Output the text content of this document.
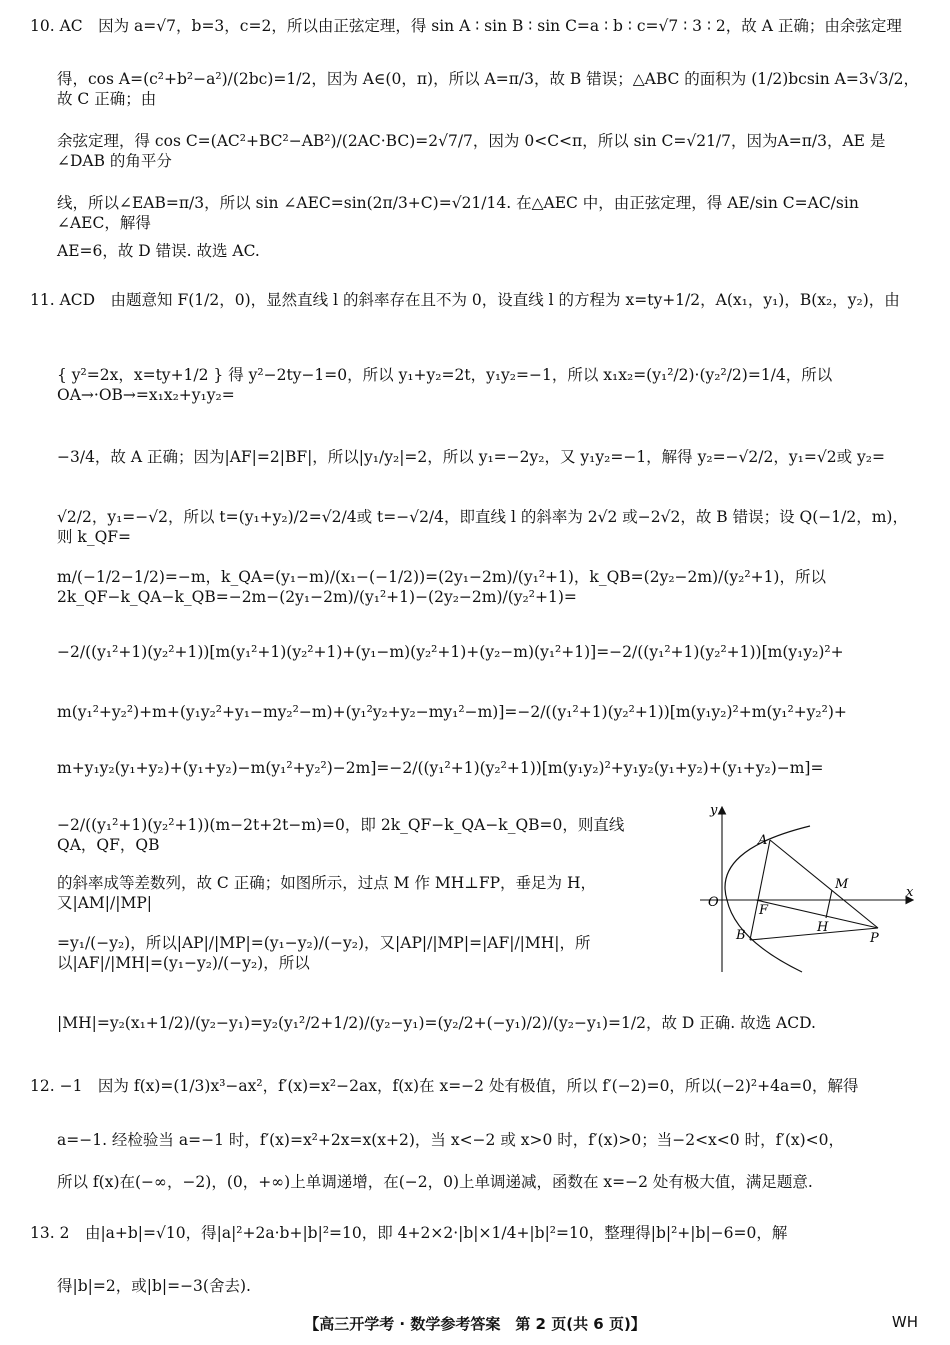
10. AC　因为 a=√7，b=3，c=2，所以由正弦定理，得 sin A ∶ sin B ∶ sin C=a ∶ b ∶ c=√7 ∶ 3 ∶ 2，故 A 正确；由余弦定理

得，cos A=(c²+b²−a²)/(2bc)=1/2，因为 A∈(0，π)，所以 A=π/3，故 B 错误；△ABC 的面积为 (1/2)bcsin A=3√3/2，故 C 正确；由

余弦定理，得 cos C=(AC²+BC²−AB²)/(2AC·BC)=2√7/7，因为 0<C<π，所以 sin C=√21/7，因为A=π/3，AE 是∠DAB 的角平分

线，所以∠EAB=π/3，所以 sin ∠AEC=sin(2π/3+C)=√21/14. 在△AEC 中，由正弦定理，得 AE/sin C=AC/sin ∠AEC，解得

AE=6，故 D 错误. 故选 AC.

11. ACD　由题意知 F(1/2，0)，显然直线 l 的斜率存在且不为 0，设直线 l 的方程为 x=ty+1/2，A(x₁，y₁)，B(x₂，y₂)，由

{ y²=2x，x=ty+1/2 } 得 y²−2ty−1=0，所以 y₁+y₂=2t，y₁y₂=−1，所以 x₁x₂=(y₁²/2)·(y₂²/2)=1/4，所以OA→·OB→=x₁x₂+y₁y₂=

−3/4，故 A 正确；因为|AF|=2|BF|，所以|y₁/y₂|=2，所以 y₁=−2y₂，又 y₁y₂=−1，解得 y₂=−√2/2，y₁=√2或 y₂=

√2/2，y₁=−√2，所以 t=(y₁+y₂)/2=√2/4或 t=−√2/4，即直线 l 的斜率为 2√2 或−2√2，故 B 错误；设 Q(−1/2，m)，则 k_QF=

m/(−1/2−1/2)=−m，k_QA=(y₁−m)/(x₁−(−1/2))=(2y₁−2m)/(y₁²+1)，k_QB=(2y₂−2m)/(y₂²+1)，所以 2k_QF−k_QA−k_QB=−2m−(2y₁−2m)/(y₁²+1)−(2y₂−2m)/(y₂²+1)=

−2/((y₁²+1)(y₂²+1))[m(y₁²+1)(y₂²+1)+(y₁−m)(y₂²+1)+(y₂−m)(y₁²+1)]=−2/((y₁²+1)(y₂²+1))[m(y₁y₂)²+

m(y₁²+y₂²)+m+(y₁y₂²+y₁−my₂²−m)+(y₁²y₂+y₂−my₁²−m)]=−2/((y₁²+1)(y₂²+1))[m(y₁y₂)²+m(y₁²+y₂²)+

m+y₁y₂(y₁+y₂)+(y₁+y₂)−m(y₁²+y₂²)−2m]=−2/((y₁²+1)(y₂²+1))[m(y₁y₂)²+y₁y₂(y₁+y₂)+(y₁+y₂)−m]=

−2/((y₁²+1)(y₂²+1))(m−2t+2t−m)=0，即 2k_QF−k_QA−k_QB=0，则直线 QA，QF，QB

的斜率成等差数列，故 C 正确；如图所示，过点 M 作 MH⊥FP，垂足为 H，又|AM|/|MP|

=y₁/(−y₂)，所以|AP|/|MP|=(y₁−y₂)/(−y₂)，又|AP|/|MP|=|AF|/|MH|，所以|AF|/|MH|=(y₁−y₂)/(−y₂)，所以

|MH|=y₂(x₁+1/2)/(y₂−y₁)=y₂(y₁²/2+1/2)/(y₂−y₁)=(y₂/2+(−y₁)/2)/(y₂−y₁)=1/2，故 D 正确. 故选 ACD.

y
x
O
A
B
F
M
H
P

12. −1　因为 f(x)=(1/3)x³−ax²，f′(x)=x²−2ax，f(x)在 x=−2 处有极值，所以 f′(−2)=0，所以(−2)²+4a=0，解得

a=−1. 经检验当 a=−1 时，f′(x)=x²+2x=x(x+2)，当 x<−2 或 x>0 时，f′(x)>0；当−2<x<0 时，f′(x)<0，

所以 f(x)在(−∞，−2)，(0，+∞)上单调递增，在(−2，0)上单调递减，函数在 x=−2 处有极大值，满足题意.

13. 2　由|a+b|=√10，得|a|²+2a·b+|b|²=10，即 4+2×2·|b|×1/4+|b|²=10，整理得|b|²+|b|−6=0，解

得|b|=2，或|b|=−3(舍去).

【高三开学考 · 数学参考答案　第 2 页(共 6 页)】	WH
